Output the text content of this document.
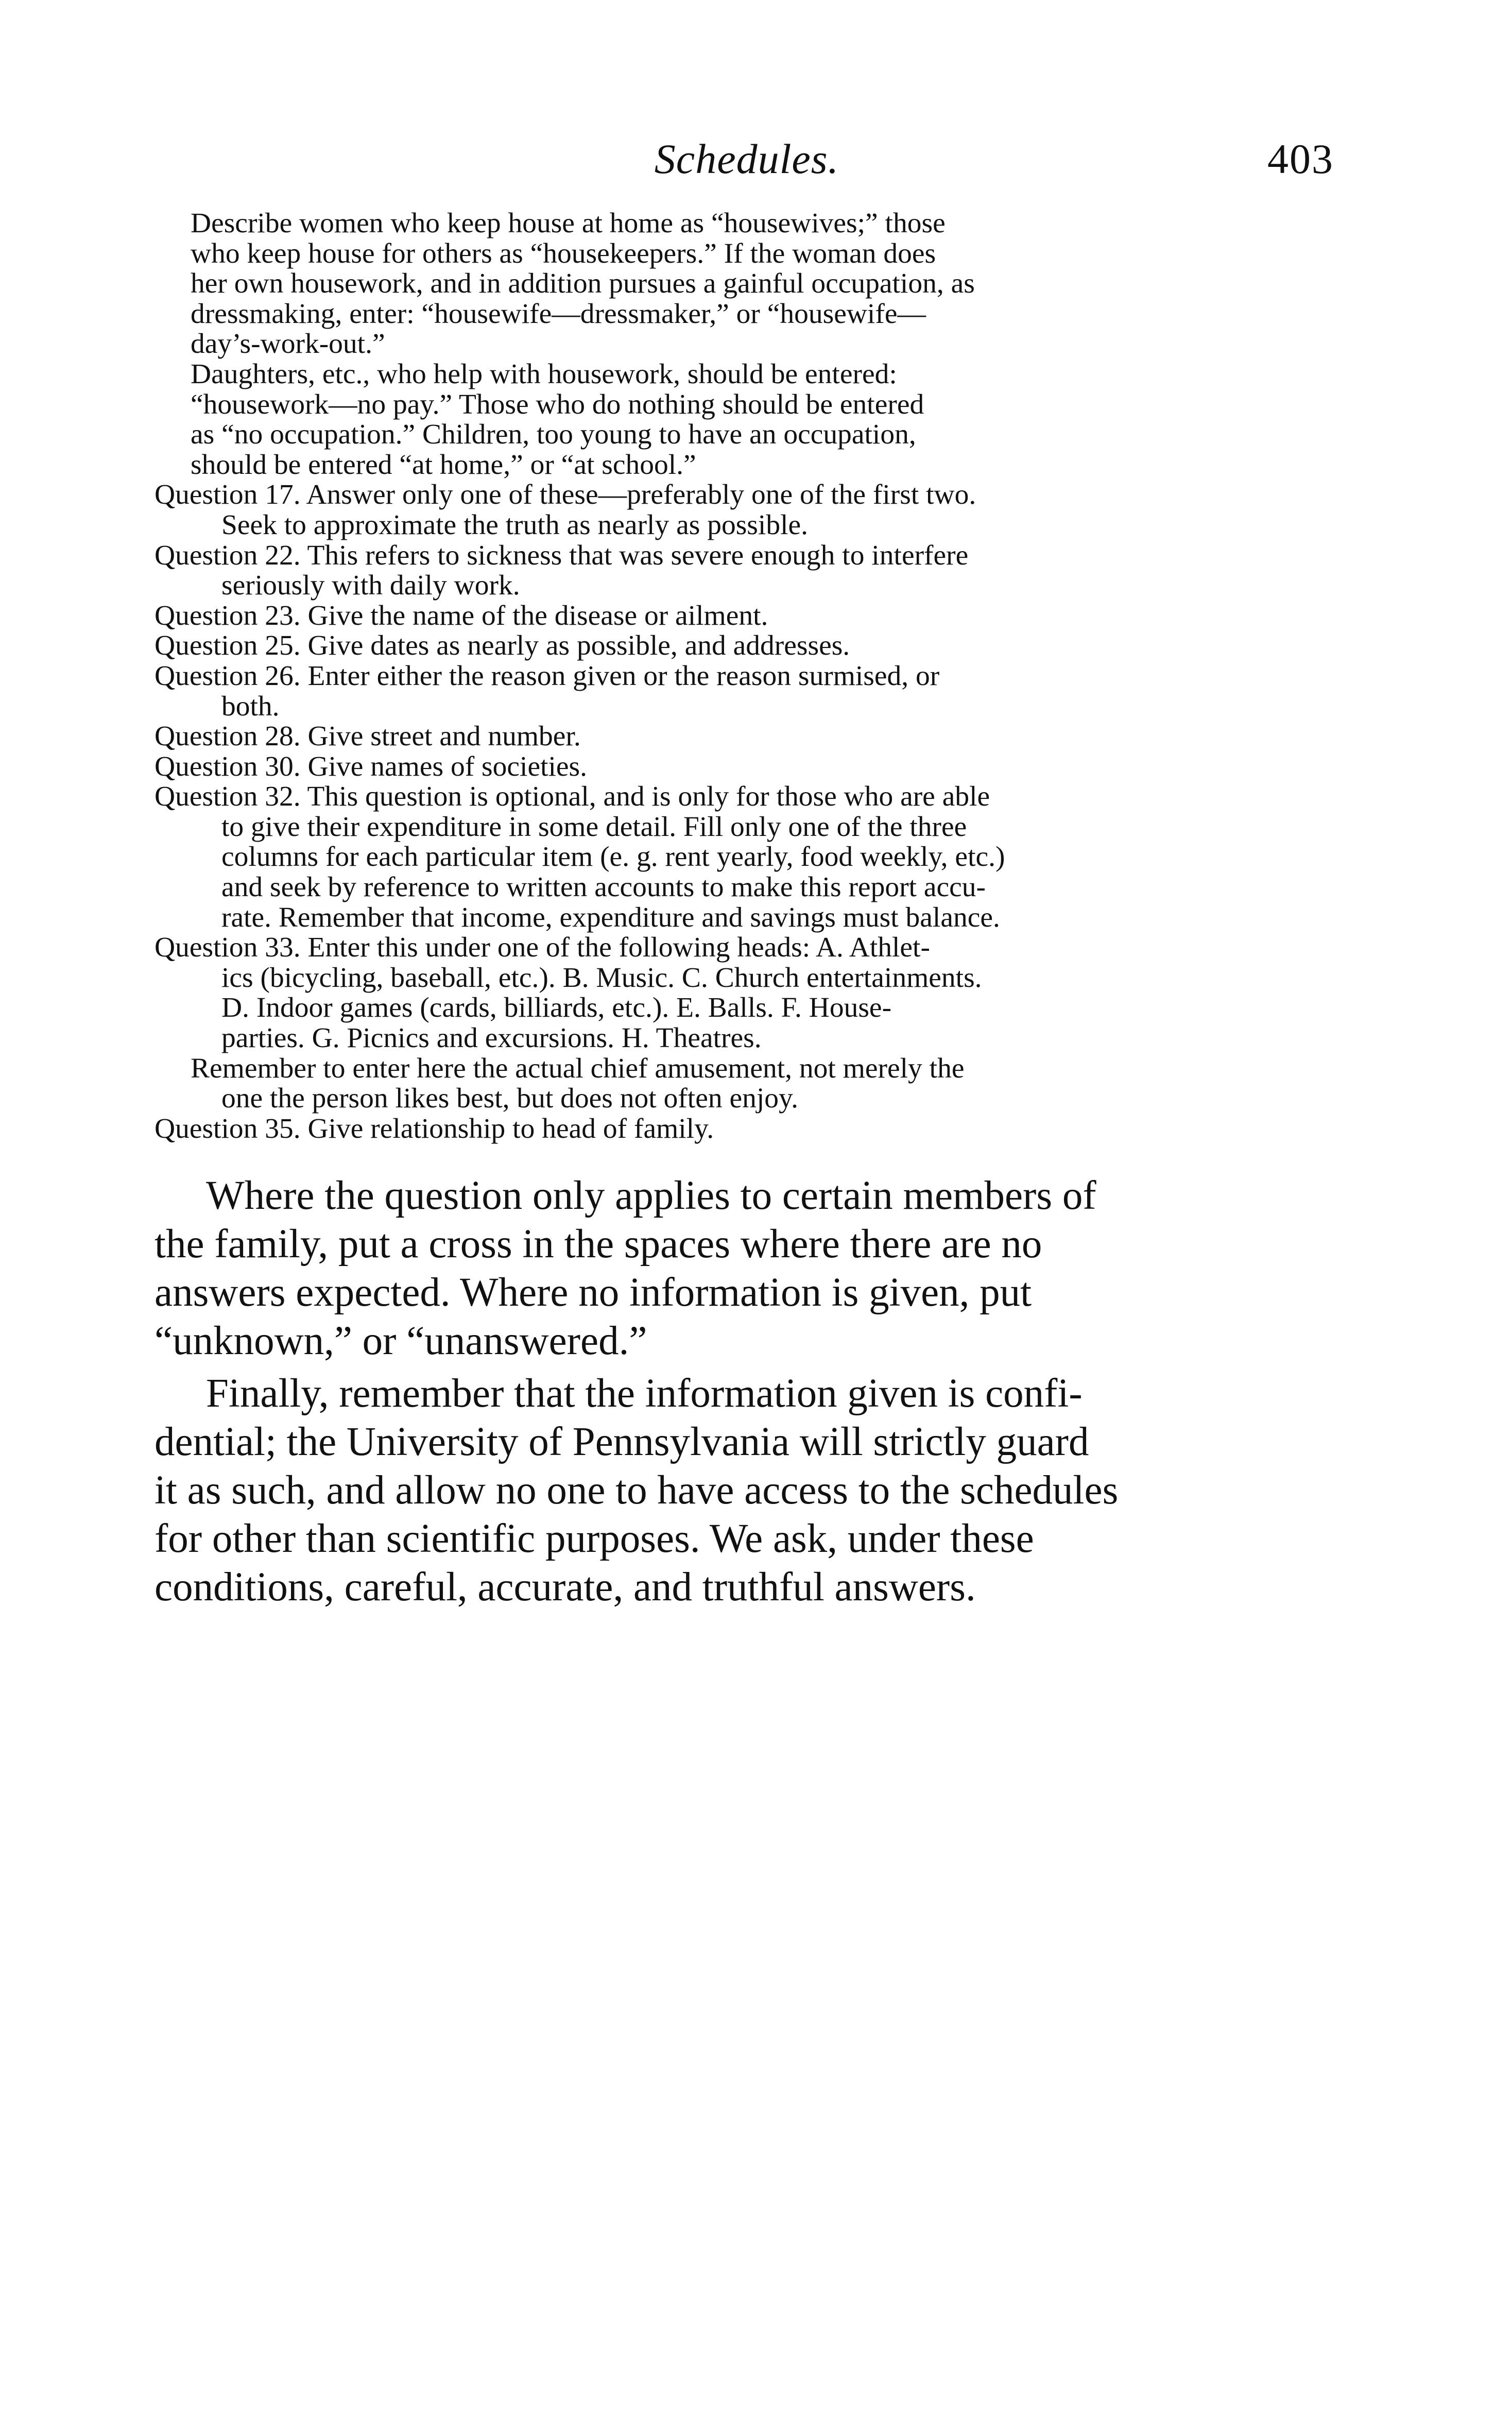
Schedules.	403

Describe women who keep house at home as “housewives;” those
who keep house for others as “housekeepers.” If the woman does
her own housework, and in addition pursues a gainful occupation, as
dressmaking, enter: “housewife—dressmaker,” or “housewife—
day’s-work-out.”

Daughters, etc., who help with housework, should be entered:
“housework—no pay.” Those who do nothing should be entered
as “no occupation.” Children, too young to have an occupation,
should be entered “at home,” or “at school.”

Question 17. Answer only one of these—preferably one of the first two.
Seek to approximate the truth as nearly as possible.

Question 22. This refers to sickness that was severe enough to interfere
seriously with daily work.

Question 23. Give the name of the disease or ailment.

Question 25. Give dates as nearly as possible, and addresses.

Question 26. Enter either the reason given or the reason surmised, or
both.

Question 28. Give street and number.

Question 30. Give names of societies.

Question 32. This question is optional, and is only for those who are able
to give their expenditure in some detail. Fill only one of the three
columns for each particular item (e. g. rent yearly, food weekly, etc.)
and seek by reference to written accounts to make this report accu-
rate. Remember that income, expenditure and savings must balance.

Question 33. Enter this under one of the following heads: A. Athlet-
ics (bicycling, baseball, etc.). B. Music. C. Church entertainments.
D. Indoor games (cards, billiards, etc.). E. Balls. F. House-
parties. G. Picnics and excursions. H. Theatres.

Remember to enter here the actual chief amusement, not merely the
one the person likes best, but does not often enjoy.

Question 35. Give relationship to head of family.

Where the question only applies to certain members of
the family, put a cross in the spaces where there are no
answers expected. Where no information is given, put
“unknown,” or “unanswered.”

Finally, remember that the information given is confi-
dential; the University of Pennsylvania will strictly guard
it as such, and allow no one to have access to the schedules
for other than scientific purposes. We ask, under these
conditions, careful, accurate, and truthful answers.
